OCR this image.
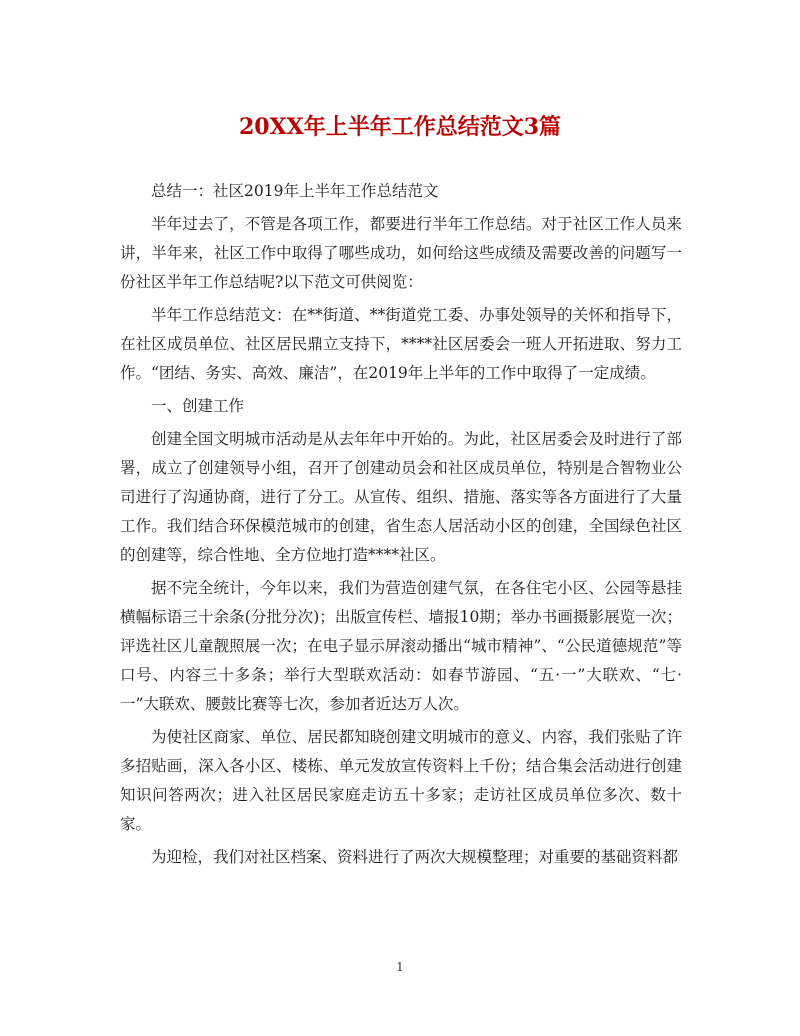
20XX年上半年工作总结范文3篇

总结一：社区2019年上半年工作总结范文

半年过去了，不管是各项工作，都要进行半年工作总结。对于社区工作人员来讲，半年来，社区工作中取得了哪些成功，如何给这些成绩及需要改善的问题写一份社区半年工作总结呢?以下范文可供阅览：

半年工作总结范文：在**街道、**街道党工委、办事处领导的关怀和指导下，在社区成员单位、社区居民鼎立支持下，****社区居委会一班人开拓进取、努力工作。“团结、务实、高效、廉洁”，在2019年上半年的工作中取得了一定成绩。

一、创建工作

创建全国文明城市活动是从去年年中开始的。为此，社区居委会及时进行了部署，成立了创建领导小组，召开了创建动员会和社区成员单位，特别是合智物业公司进行了沟通协商，进行了分工。从宣传、组织、措施、落实等各方面进行了大量工作。我们结合环保模范城市的创建，省生态人居活动小区的创建，全国绿色社区的创建等，综合性地、全方位地打造****社区。

据不完全统计，今年以来，我们为营造创建气氛，在各住宅小区、公园等悬挂横幅标语三十余条(分批分次)；出版宣传栏、墙报10期；举办书画摄影展览一次；评选社区儿童靓照展一次；在电子显示屏滚动播出“城市精神”、“公民道德规范”等口号、内容三十多条；举行大型联欢活动：如春节游园、“五·一”大联欢、“七·一”大联欢、腰鼓比赛等七次，参加者近达万人次。

为使社区商家、单位、居民都知晓创建文明城市的意义、内容，我们张贴了许多招贴画，深入各小区、楼栋、单元发放宣传资料上千份；结合集会活动进行创建知识问答两次；进入社区居民家庭走访五十多家；走访社区成员单位多次、数十家。

为迎检，我们对社区档案、资料进行了两次大规模整理；对重要的基础资料都

1
